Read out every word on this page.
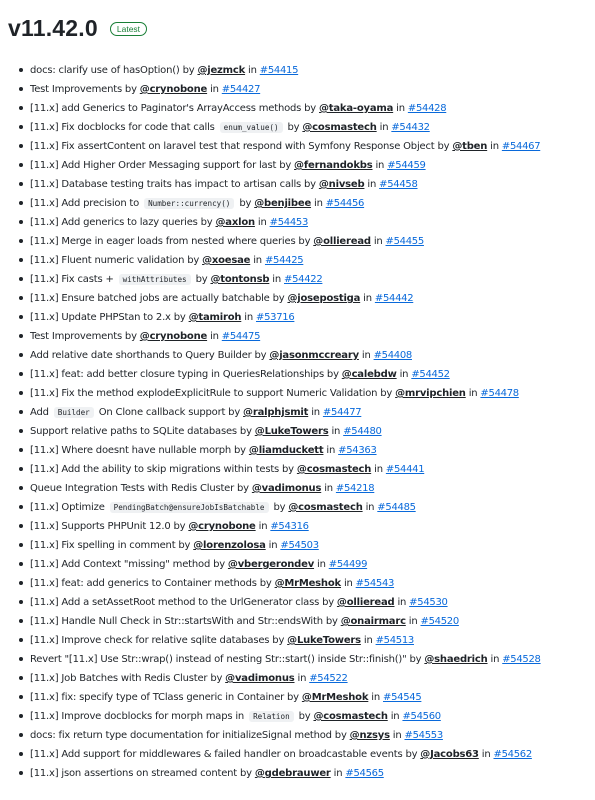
v11.42.0	Latest
docs: clarify use of hasOption() by @jezmck in #54415
Test Improvements by @crynobone in #54427
[11.x] add Generics to Paginator's ArrayAccess methods by @taka-oyama in #54428
[11.x] Fix docblocks for code that calls enum_value() by @cosmastech in #54432
[11.x] Fix assertContent on laravel test that respond with Symfony Response Object by @tben in #54467
[11.x] Add Higher Order Messaging support for last by @fernandokbs in #54459
[11.x] Database testing traits has impact to artisan calls by @nivseb in #54458
[11.x] Add precision to Number::currency() by @benjibee in #54456
[11.x] Add generics to lazy queries by @axlon in #54453
[11.x] Merge in eager loads from nested where queries by @ollieread in #54455
[11.x] Fluent numeric validation by @xoesae in #54425
[11.x] Fix casts + withAttributes by @tontonsb in #54422
[11.x] Ensure batched jobs are actually batchable by @josepostiga in #54442
[11.x] Update PHPStan to 2.x by @tamiroh in #53716
Test Improvements by @crynobone in #54475
Add relative date shorthands to Query Builder by @jasonmccreary in #54408
[11.x] feat: add better closure typing in QueriesRelationships by @calebdw in #54452
[11.x] Fix the method explodeExplicitRule to support Numeric Validation by @mrvipchien in #54478
Add Builder On Clone callback support by @ralphjsmit in #54477
Support relative paths to SQLite databases by @LukeTowers in #54480
[11.x] Where doesnt have nullable morph by @liamduckett in #54363
[11.x] Add the ability to skip migrations within tests by @cosmastech in #54441
Queue Integration Tests with Redis Cluster by @vadimonus in #54218
[11.x] Optimize PendingBatch@ensureJobIsBatchable by @cosmastech in #54485
[11.x] Supports PHPUnit 12.0 by @crynobone in #54316
[11.x] Fix spelling in comment by @lorenzolosa in #54503
[11.x] Add Context "missing" method by @vbergerondev in #54499
[11.x] feat: add generics to Container methods by @MrMeshok in #54543
[11.x] Add a setAssetRoot method to the UrlGenerator class by @ollieread in #54530
[11.x] Handle Null Check in Str::startsWith and Str::endsWith by @onairmarc in #54520
[11.x] Improve check for relative sqlite databases by @LukeTowers in #54513
Revert "[11.x] Use Str::wrap() instead of nesting Str::start() inside Str::finish()" by @shaedrich in #54528
[11.x] Job Batches with Redis Cluster by @vadimonus in #54522
[11.x] fix: specify type of TClass generic in Container by @MrMeshok in #54545
[11.x] Improve docblocks for morph maps in Relation by @cosmastech in #54560
docs: fix return type documentation for initializeSignal method by @nzsys in #54553
[11.x] Add support for middlewares & failed handler on broadcastable events by @Jacobs63 in #54562
[11.x] json assertions on streamed content by @gdebrauwer in #54565
